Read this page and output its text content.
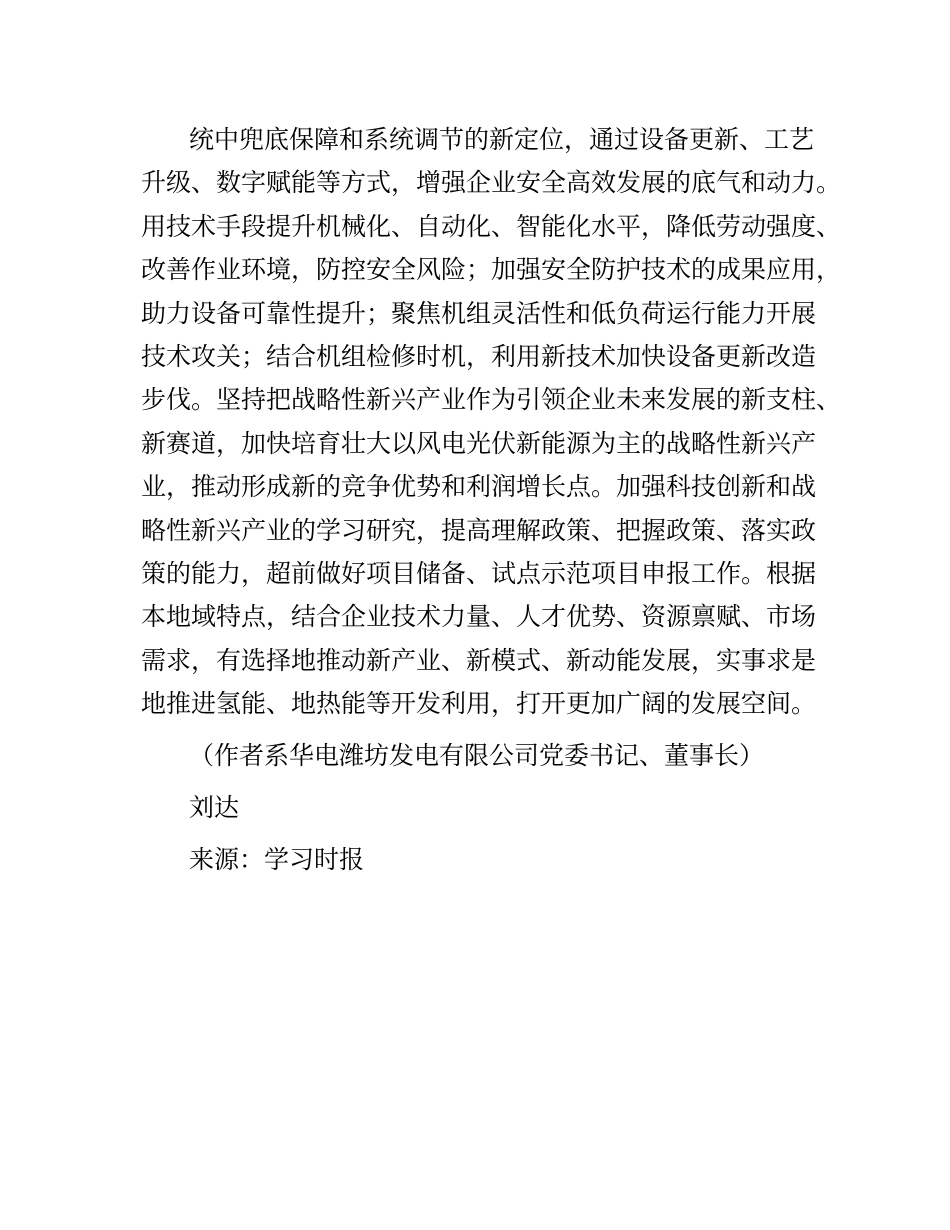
统中兜底保障和系统调节的新定位，通过设备更新、工艺
升级、数字赋能等方式，增强企业安全高效发展的底气和动力。
用技术手段提升机械化、自动化、智能化水平，降低劳动强度、
改善作业环境，防控安全风险；加强安全防护技术的成果应用，
助力设备可靠性提升；聚焦机组灵活性和低负荷运行能力开展
技术攻关；结合机组检修时机，利用新技术加快设备更新改造
步伐。坚持把战略性新兴产业作为引领企业未来发展的新支柱、
新赛道，加快培育壮大以风电光伏新能源为主的战略性新兴产
业，推动形成新的竞争优势和利润增长点。加强科技创新和战
略性新兴产业的学习研究，提高理解政策、把握政策、落实政
策的能力，超前做好项目储备、试点示范项目申报工作。根据
本地域特点，结合企业技术力量、人才优势、资源禀赋、市场
需求，有选择地推动新产业、新模式、新动能发展，实事求是
地推进氢能、地热能等开发利用，打开更加广阔的发展空间。

（作者系华电潍坊发电有限公司党委书记、董事长）

刘达

来源：学习时报
